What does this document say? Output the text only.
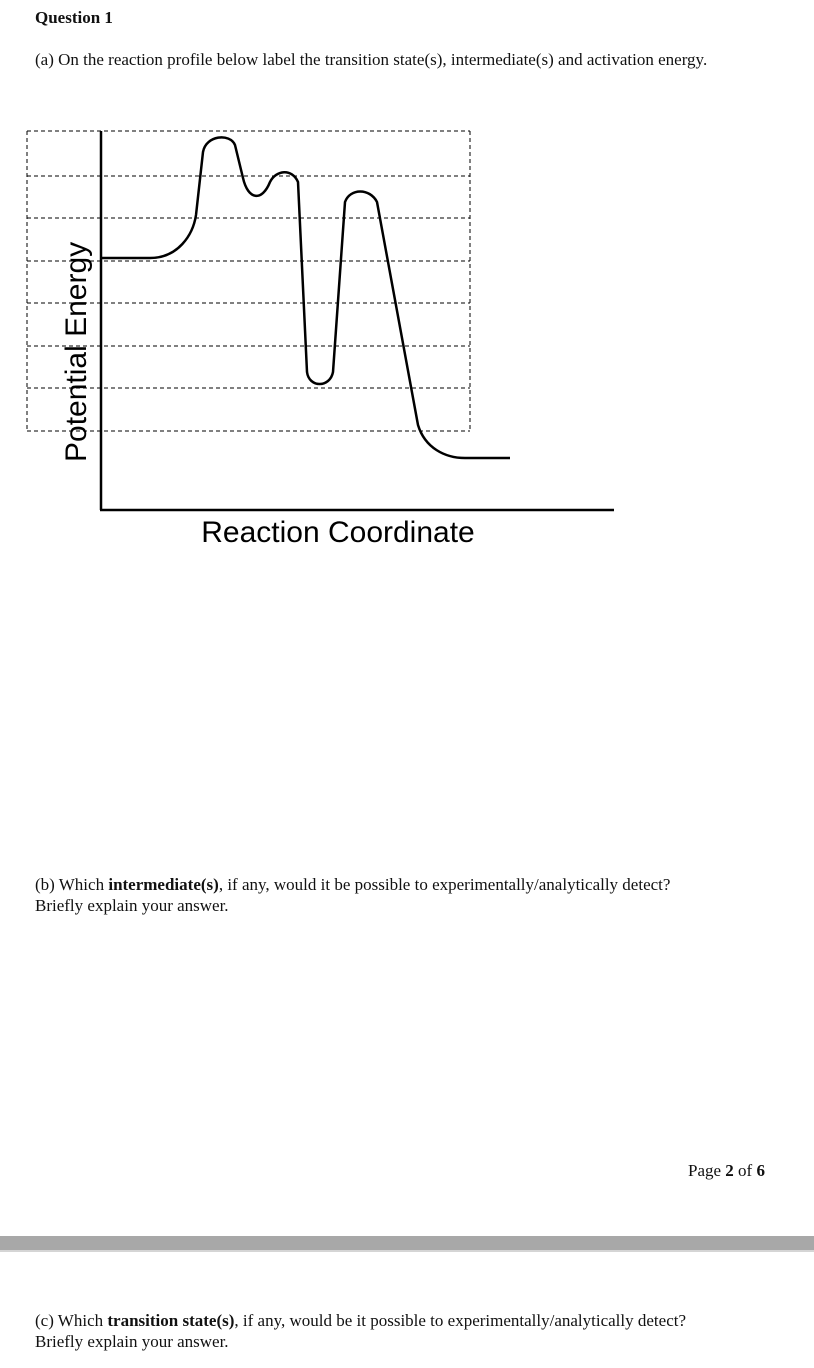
Question 1
(a) On the reaction profile below label the transition state(s), intermediate(s) and activation energy.
Potential Energy
Reaction Coordinate
(b) Which intermediate(s), if any, would it be possible to experimentally/analytically detect?
Briefly explain your answer.
Page 2 of 6
(c) Which transition state(s), if any, would be it possible to experimentally/analytically detect?
Briefly explain your answer.
